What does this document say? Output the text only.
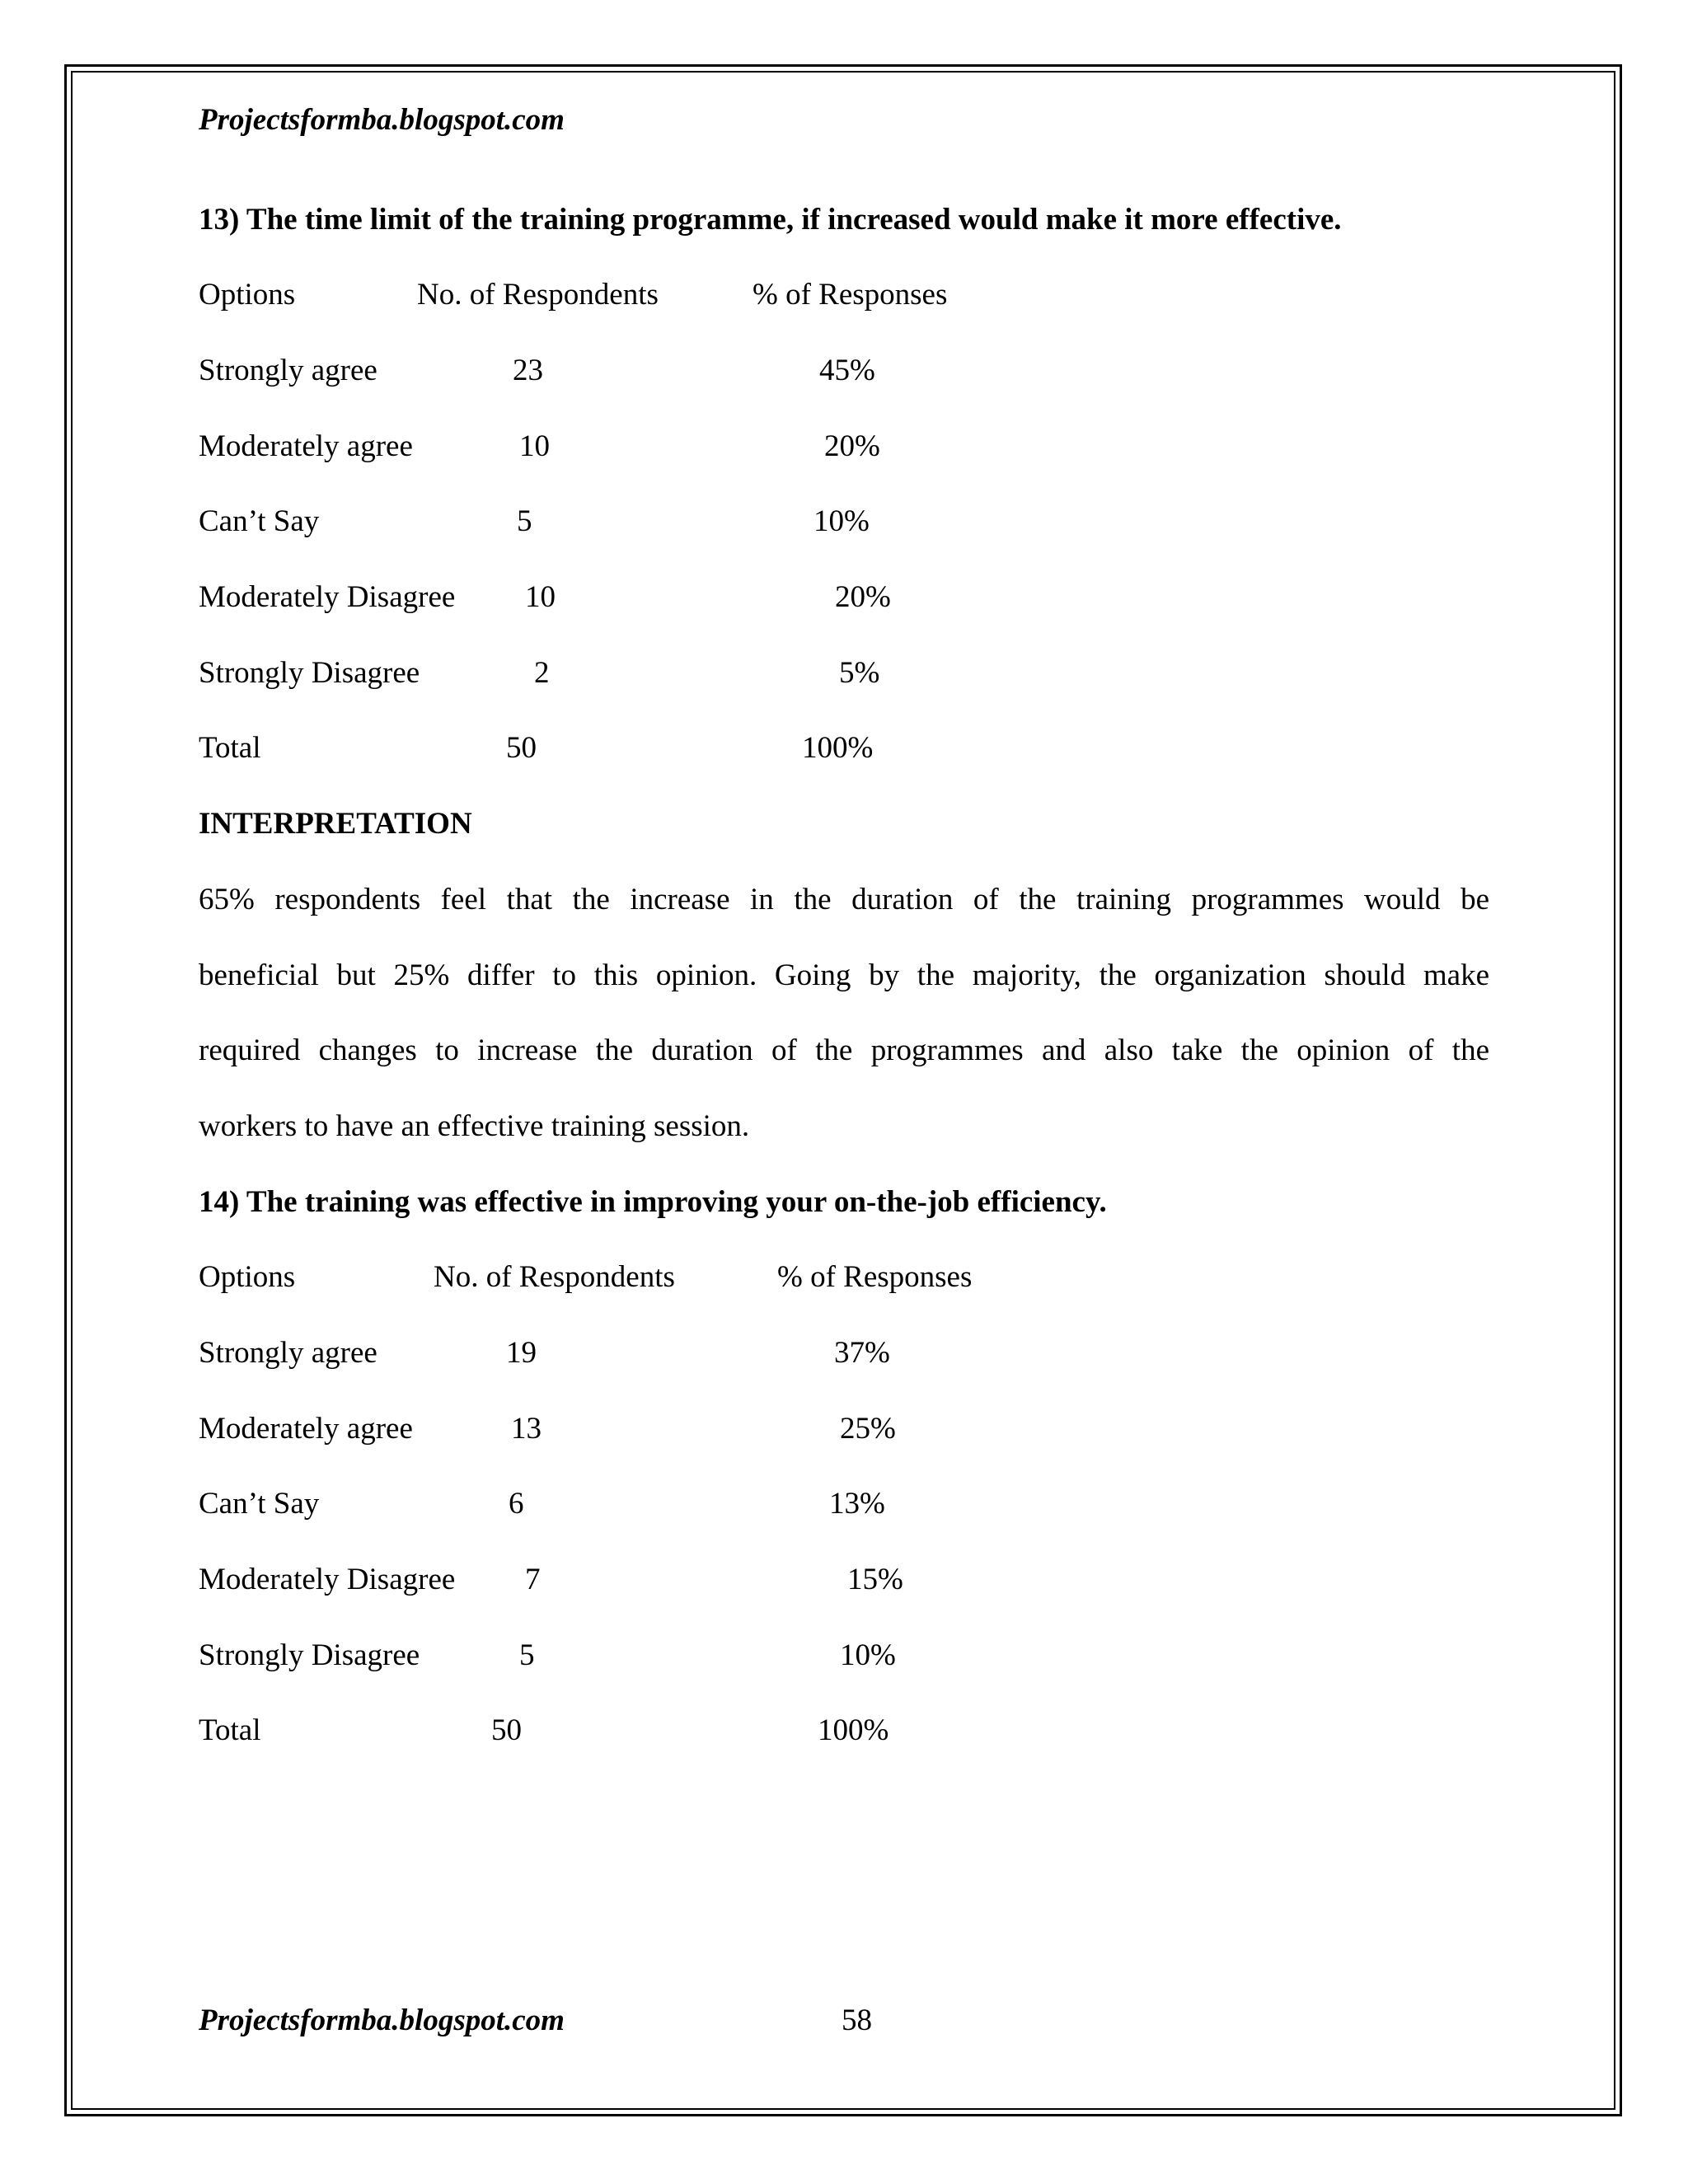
Projectsformba.blogspot.com
13) The time limit of the training programme, if increased would make it more effective.
Options	No. of Respondents	% of Responses
Strongly agree	23	45%
Moderately agree	10	20%
Can’t Say	5	10%
Moderately Disagree 10	20%
Strongly Disagree	2	5%
Total	50	100%
INTERPRETATION
65% respondents feel that the increase in the duration of the training programmes would be
beneficial but 25% differ to this opinion. Going by the majority, the organization should make
required changes to increase the duration of the programmes and also take the opinion of the
workers to have an effective training session.
14) The training was effective in improving your on-the-job efficiency.
Options	No. of Respondents	% of Responses
Strongly agree	19	37%
Moderately agree	13	25%
Can’t Say	6	13%
Moderately Disagree 7	15%
Strongly Disagree	5	10%
Total	50	100%
Projectsformba.blogspot.com	58
